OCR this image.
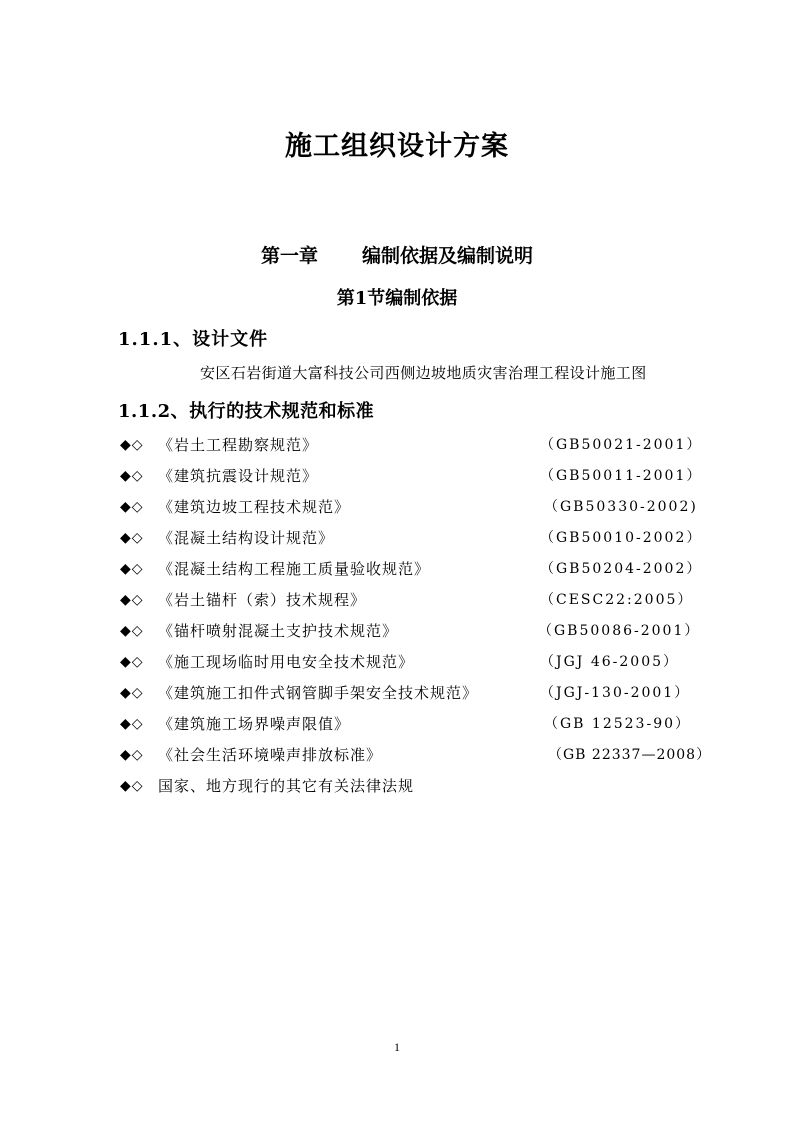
施工组织设计方案
第一章 编制依据及编制说明
第1节编制依据
1.1.1、设计文件

安区石岩街道大富科技公司西侧边坡地质灾害治理工程设计施工图

1.1.2、执行的技术规范和标准
◆◇ 《岩土工程勘察规范》	（GB50021-2001）
◆◇ 《建筑抗震设计规范》	（GB50011-2001）
◆◇ 《建筑边坡工程技术规范》	（GB50330-2002)
◆◇ 《混凝土结构设计规范》	（GB50010-2002）
◆◇ 《混凝土结构工程施工质量验收规范》	（GB50204-2002）
◆◇ 《岩土锚杆（索）技术规程》	（CESC22:2005）
◆◇ 《锚杆喷射混凝土支护技术规范》	（GB50086-2001）
◆◇ 《施工现场临时用电安全技术规范》	（JGJ 46-2005）
◆◇ 《建筑施工扣件式钢管脚手架安全技术规范》	（JGJ-130-2001）
◆◇ 《建筑施工场界噪声限值》	（GB 12523-90）
◆◇ 《社会生活环境噪声排放标准》	（GB 22337—2008）
◆◇ 国家、地方现行的其它有关法律法规
1
